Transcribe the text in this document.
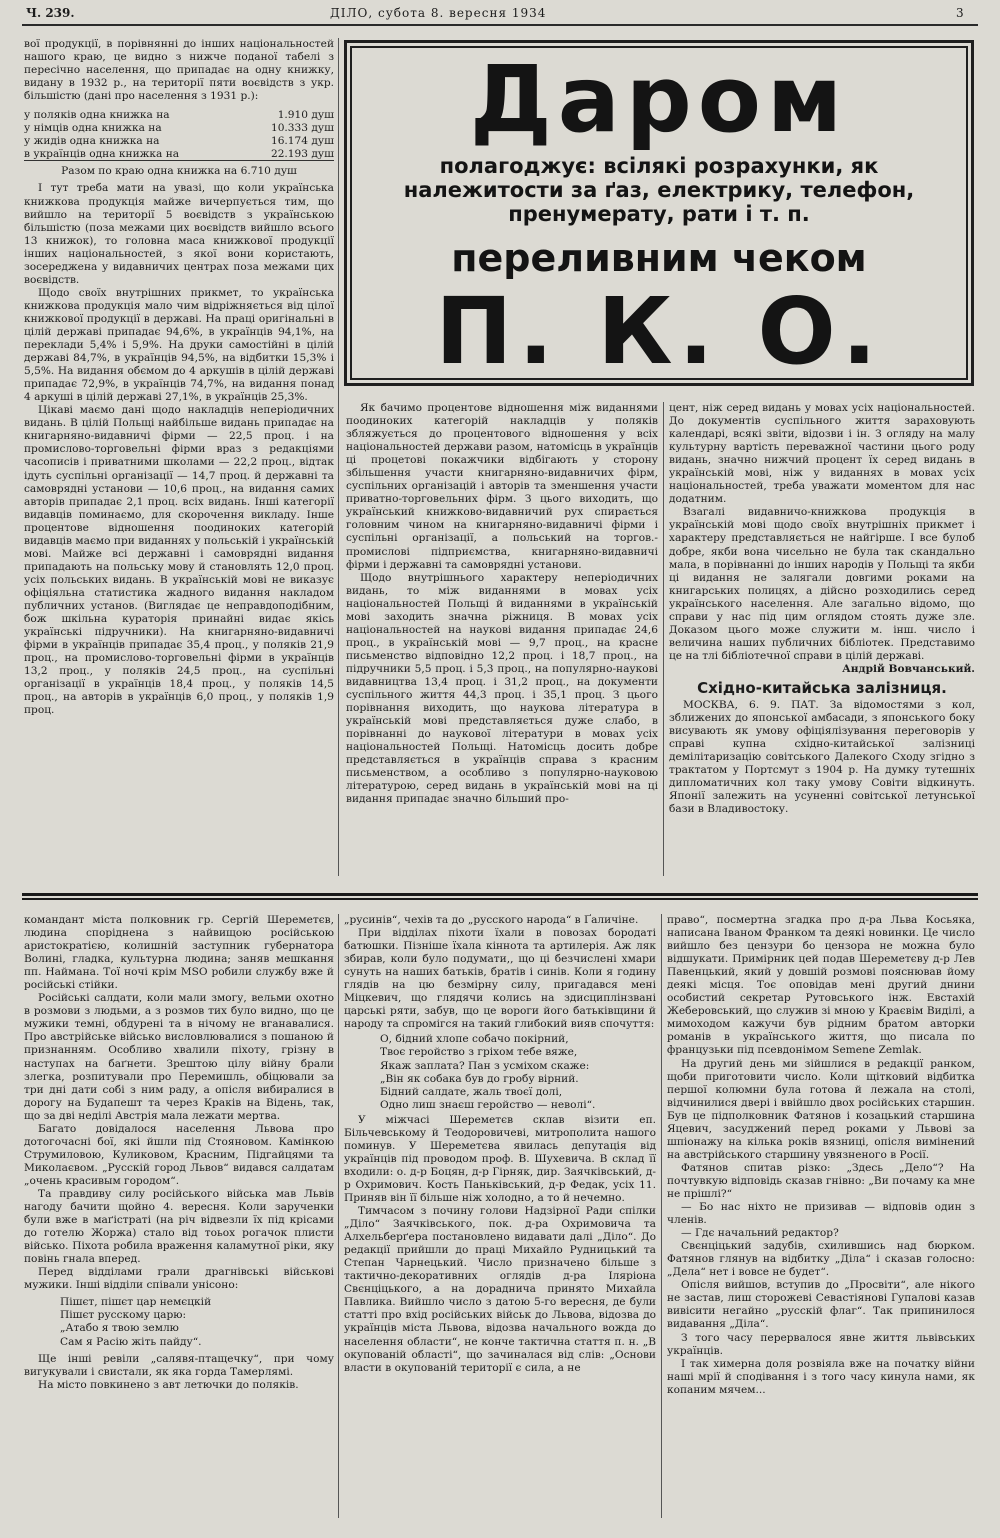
Ч. 239.	ДІЛО, субота 8. вересня 1934	3

вої продукції, в порівнянні до інших національностей нашого краю, це видно з нижче поданої табелі з пересічно населення, що припадає на одну книжку, видану в 1932 р., на території пяти воєвідств з укр. більшістю (дані про населення з 1931 р.):

у поляків одна книжка на	1.910 душ
у німців одна книжка на	10.333 душ
у жидів одна книжка на	16.174 душ
в українців одна книжка на	22.193 душ

Разом по краю одна книжка на 6.710 душ

І тут треба мати на увазі, що коли українська книжкова продукція майже вичерпується тим, що вийшло на території 5 воєвідств з українською більшістю (поза межами цих воєвідств вийшло всього 13 книжок), то головна маса книжкової продукції інших національностей, з якої вони користають, зосереджена у видавничих центрах поза межами цих воєвідств.

Щодо своїх внутрішних прикмет, то українська книжкова продукція мало чим відріжняється від цілої книжкової продукції в державі. На праці оригінальні в цілій державі припадає 94,6%, в українців 94,1%, на переклади 5,4% і 5,9%. На друки самостійні в цілій державі 84,7%, в українців 94,5%, на відбитки 15,3% і 5,5%. На видання обємом до 4 аркушів в цілій державі припадає 72,9%, в українців 74,7%, на видання понад 4 аркуші в цілій державі 27,1%, в українців 25,3%.

Цікаві маємо дані щодо накладців неперіодичних видань. В цілій Польщі найбільше видань припадає на книгарняно-видавничі фірми — 22,5 проц. і на промислово-торговельні фірми враз з редакціями часописів і приватними школами — 22,2 проц., відтак ідуть суспільні організації — 14,7 проц. й державні та самоврядні установи — 10,6 проц., на видання самих авторів припадає 2,1 проц. всіх видань. Інші категорії видавців поминаємо, для скорочення викладу. Інше процентове відношення поодиноких категорій видавців маємо при виданнях у польській і українській мові. Майже всі державні і самоврядні видання припадають на польську мову й становлять 12,0 проц. усіх польських видань. В українській мові не виказує офіціяльна статистика жадного видання накладом публичних установ. (Виглядає це неправдоподібним, бож шкільна кураторія принайні видає якісь українські підручники). На книгарняно-видавничі фірми в українців припадає 35,4 проц., у поляків 21,9 проц., на промислово-торговельні фірми в українців 13,2 проц., у поляків 24,5 проц., на суспільні організації в українців 18,4 проц., у поляків 14,5 проц., на авторів в українців 6,0 проц., у поляків 1,9 проц.

Даром
полагоджує: всілякі розрахунки, як належитости за ґаз, електрику, телефон, пренумерату, рати і т. п.
переливним чеком
П. К. О.

Як бачимо процентове відношення між виданнями поодиноких категорій накладців у поляків збляжується до процентового відношення у всіх національностей держави разом, натомісць в українців ці процетові покажчики відбігають у сторону збільшення участи книгарняно-видавничих фірм, суспільних організацій і авторів та зменшення участи приватно-торговельних фірм. З цього виходить, що український книжково-видавничий рух спирається головним чином на книгарняно-видавничі фірми і суспільні організації, а польський на торгов.-промислові підприємства, книгарняно-видавничі фірми і державні та самоврядні установи.

Щодо внутрішнього характеру неперіодичних видань, то між виданнями в мовах усіх національностей Польщі й виданнями в українській мові заходить значна ріжниця. В мовах усіх національностей на наукові видання припадає 24,6 проц., в українській мові — 9,7 проц., на красне письменство відповідно 12,2 проц. і 18,7 проц., на підручники 5,5 проц. і 5,3 проц., на популярно-наукові видавництва 13,4 проц. і 31,2 проц., на документи суспільного життя 44,3 проц. і 35,1 проц. З цього порівнання виходить, що наукова література в українській мові представляється дуже слабо, в порівнанні до наукової літератури в мовах усіх національностей Польщі. Натомісць досить добре представляється в українців справа з красним письменством, а особливо з популярно-науковою літературою, серед видань в українській мові на ці видання припадає значно більший про-

цент, ніж серед видань у мовах усіх національностей. До документів суспільного життя зараховують календарі, всякі звіти, відозви і ін. З огляду на малу культурну вартість переважної частини цього роду видань, значно нижчий процент їх серед видань в українській мові, ніж у виданнях в мовах усіх національностей, треба уважати моментом для нас додатним.

Взагалі видавничо-книжкова продукція в українській мові щодо своїх внутрішніх прикмет і характеру представляється не найгірше. І все булоб добре, якби вона чисельно не була так скандально мала, в порівнанні до інших народів у Польщі та якби ці видання не залягали довгими роками на книгарських полицях, а дійсно розходились серед українського населення. Але загально відомо, що справи у нас під цим оглядом стоять дуже зле. Доказом цього може служити м. інш. число і величина наших публичних бібліотек. Представимо це на тлі бібліотечної справи в цілій державі.

Андрій Вовчанський.

Східно-китайська залізниця.

МОСКВА, 6. 9. ПАТ. За відомостями з кол, зближених до японської амбасади, з японського боку висувають як умову офіціялізування переговорів у справі купна східно-китайської залізниці демілітаризацію совітського Далекого Сходу згідно з трактатом у Портсмут з 1904 р. На думку тутешніх дипломатичних кол таку умову Совіти відкинуть. Японії залежить на усуненні совітської летунської бази в Владивостоку.

командант міста полковник гр. Сергій Шереметєв, людина споріднена з найвищою російською аристократією, колишній заступник губернатора Волині, гладка, культурна людина; заняв мешкання пп. Наймана. Тої ночі крім МSО робили службу вже й російські стійки.

Російські салдати, коли мали змогу, вельми охотно в розмови з людьми, а з розмов тих було видно, що це мужики темні, обдурені та в нічому не вганавалися. Про австрійське військо висловлювалися з пошаною й признанням. Особливо хвалили піхоту, грізну в наступах на баґнети. Зрештою цілу війну брали злегка, розпитували про Перемишль, обіцювали за три дні дати собі з ним раду, а опісля вибиралися в дорогу на Будапешт та через Краків на Відень, так, що за дві неділі Австрія мала лежати мертва.

Багато довідалося населення Львова про дотогочасні бої, які йшли під Стояновом. Камінкою Струмиловою, Куликовом, Красним, Підгайцями та Миколаєвом. „Русскій город Львов“ видався салдатам „очень красивым городом“.

Та правдиву силу російського війська мав Львів нагоду бачити щойно 4. вересня. Коли зарученки були вже в маґістраті (на річ відвезли їх під крісами до готелю Жоржа) стало від тоьох рогачок плисти військо. Піхота робила враження каламутної ріки, яку повінь гнала вперед.

Перед відділами грали драгнівські військові мужики. Інші відділи співали унісоно:

Пішєт, пішєт цар немєцкій

Пішєт русскому царю:

„Атабо я твою землю

Сам я Расію жіть пайду“.

Ще інші ревіли „салявя-птащечку“, при чому вигукували і свистали, як яка горда Тамерлямі.

На місто повкинено з авт летючки до поляків.

„русинів“, чехів та до „русского народа“ в Ґаличіне.

При відділах піхоти їхали в повозах бородаті батюшки. Пізніше їхала кіннота та артилерія. Аж ляк збирав, коли було подумати,, що ці безчислені хмари сунуть на наших батьків, братів і синів. Коли я годину глядів на цю безмірну силу, пригадався мені Міцкевич, що глядячи колись на здисциплінзвані царські ряти, забув, що це вороги його батьківщини й народу та спромігся на такий глибокий вияв спочуття:

О, бідний хлопе собачо покірний,

Твоє геройство з гріхом тебе вяже,

Якаж заплата? Пан з усміхом скаже:

„Він як собака був до гробу вірний.

Бідний салдате, жаль твоєї долі,

Одно лиш знаєш геройство — неволі“.

У міжчасі Шереметєв склав візити еп. Більчевському й Теодоровичеві, митрополита нашого поминув. У Шереметєва явилась депутація від українців під проводом проф. В. Шухевича. В склад її входили: о. д-р Боцян, д-р Гірняк, дир. Заячківський, д-р Охримович. Кость Паньківський, д-р Федак, усіх 11. Приняв він її більше ніж холодно, а то й нечемно.

Тимчасом з почину голови Надзірної Ради спілки „Діло“ Заячківського, пок. д-ра Охримовича та Алхельберґера постановлено видавати далі „Діло“. До редакції прийшли до праці Михайло Рудницький та Степан Чарнецький. Число призначено більше з тактично-декоративних оглядів д-ра Іляріона Свєнціцького, а на дораднича принято Михайла Павлика. Вийшло число з датою 5-го вересня, де були статті про вхід російських військ до Львова, відозва до українців міста Львова, відозва начального вожда до населення области“, не конче тактична стаття п. н. „В окупованій області“, що зачиналася від слів: „Основи власти в окупованій території є сила, а не

право“, посмертна згадка про д-ра Льва Косьяка, написана Іваном Франком та деякі новинки. Це число вийшло без цензури бо цензора не можна було відшукати. Примірник цей подав Шереметєву д-р Лев Павенцький, який у довшій розмові пояснював йому деякі місця. Тоє оповідав мені другий днини особистий секретар Рутовського інж. Евстахій Жеберовський, що служив зі мною у Краєвім Виділі, а мимоходом кажучи був рідним братом авторки романів в українського життя, що писала по французьки під псевдонімом Semene Zemlak.

На другий день ми зійшлися в редакції ранком, щоби приготовити число. Коли щітковий відбитка першої колюмни була готова й лежала на столі, відчинилися двері і ввійшло двох російських старшин. Був це підполковник Фатянов і козацький старшина Яцевич, засуджений перед роками у Львові за шпіонажу на кілька років вязниці, опісля вимінений на австрійського старшину увязненого в Росії.

Фатянов спитав різко: „Здесь „Дело“? На почтувкую відповідь сказав гнівно: „Ви почаму ка мне не прішлі?“

— Бо нас ніхто не призивав — відповів один з членів.

— Гдє начальний редактор?

Свєнціцький задубів, схилившись над бюрком. Фатянов глянув на відбитку „Діла“ і сказав голосно: „Дела“ нет і вовсе не будет“.

Опісля вийшов, вступив до „Просвіти“, але нікого не застав, лиш сторожеві Севастіянові Гупалові казав вивісити негайно „русскій флаг“. Так припинилося видавання „Діла“.

З того часу перервалося явне життя львівських українців.

І так химерна доля розвіяла вже на початку війни наші мрії й сподівання і з того часу кинула нами, як копаним мячем...
